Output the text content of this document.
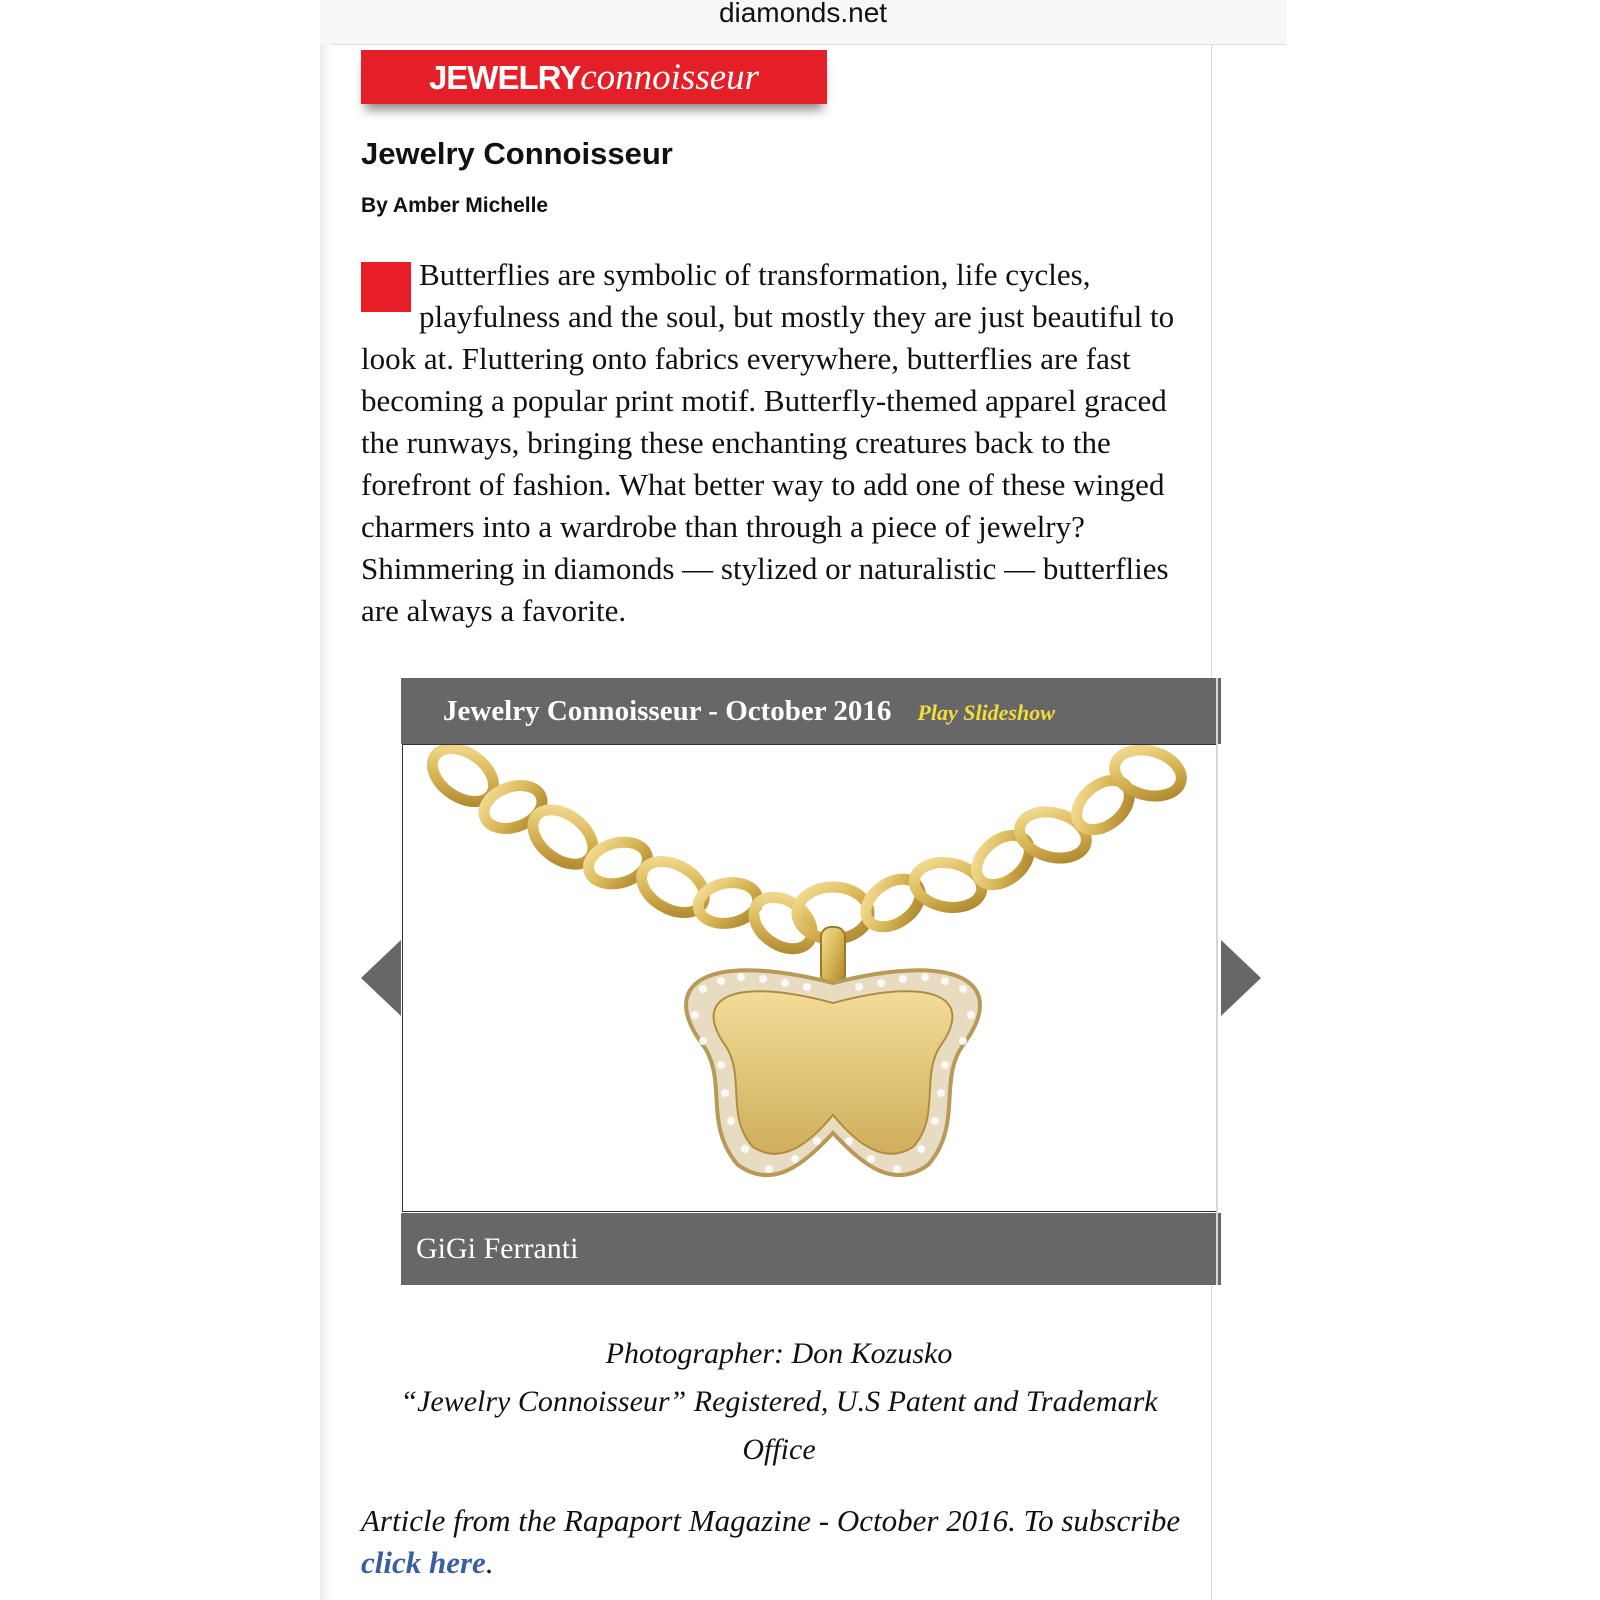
diamonds.net
JEWELRYconnoisseur
Jewelry Connoisseur
By Amber Michelle
Butterflies are symbolic of transformation, life cycles, playfulness and the soul, but mostly they are just beautiful to look at. Fluttering onto fabrics everywhere, butterflies are fast becoming a popular print motif. Butterfly-themed apparel graced the runways, bringing these enchanting creatures back to the forefront of fashion. What better way to add one of these winged charmers into a wardrobe than through a piece of jewelry? Shimmering in diamonds — stylized or naturalistic — butterflies are always a favorite.
Jewelry Connoisseur - October 2016 Play Slideshow
GiGi Ferranti
Photographer: Don Kozusko
“Jewelry Connoisseur” Registered, U.S Patent and Trademark
Office
Article from the Rapaport Magazine - October 2016. To subscribe click here.
